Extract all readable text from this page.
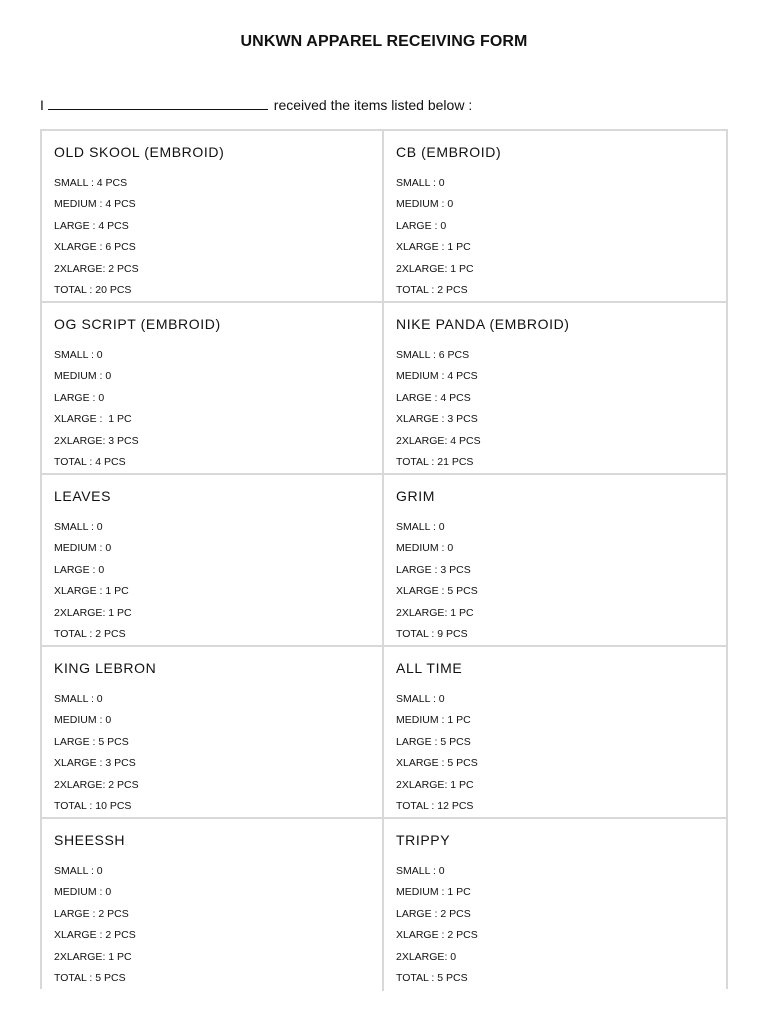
UNKWN APPAREL RECEIVING FORM
I	received the items listed below :
OLD SKOOL (EMBROID)
SMALL : 4 PCS
MEDIUM : 4 PCS
LARGE : 4 PCS
XLARGE : 6 PCS
2XLARGE: 2 PCS
TOTAL : 20 PCS
CB (EMBROID)
SMALL : 0
MEDIUM : 0
LARGE : 0
XLARGE : 1 PC
2XLARGE: 1 PC
TOTAL : 2 PCS
OG SCRIPT (EMBROID)
SMALL : 0
MEDIUM : 0
LARGE : 0
XLARGE :  1 PC
2XLARGE: 3 PCS
TOTAL : 4 PCS
NIKE PANDA (EMBROID)
SMALL : 6 PCS
MEDIUM : 4 PCS
LARGE : 4 PCS
XLARGE : 3 PCS
2XLARGE: 4 PCS
TOTAL : 21 PCS
LEAVES
SMALL : 0
MEDIUM : 0
LARGE : 0
XLARGE : 1 PC
2XLARGE: 1 PC
TOTAL : 2 PCS
GRIM
SMALL : 0
MEDIUM : 0
LARGE : 3 PCS
XLARGE : 5 PCS
2XLARGE: 1 PC
TOTAL : 9 PCS
KING LEBRON
SMALL : 0
MEDIUM : 0
LARGE : 5 PCS
XLARGE : 3 PCS
2XLARGE: 2 PCS
TOTAL : 10 PCS
ALL TIME
SMALL : 0
MEDIUM : 1 PC
LARGE : 5 PCS
XLARGE : 5 PCS
2XLARGE: 1 PC
TOTAL : 12 PCS
SHEESSH
SMALL : 0
MEDIUM : 0
LARGE : 2 PCS
XLARGE : 2 PCS
2XLARGE: 1 PC
TOTAL : 5 PCS
TRIPPY
SMALL : 0
MEDIUM : 1 PC
LARGE : 2 PCS
XLARGE : 2 PCS
2XLARGE: 0
TOTAL : 5 PCS
